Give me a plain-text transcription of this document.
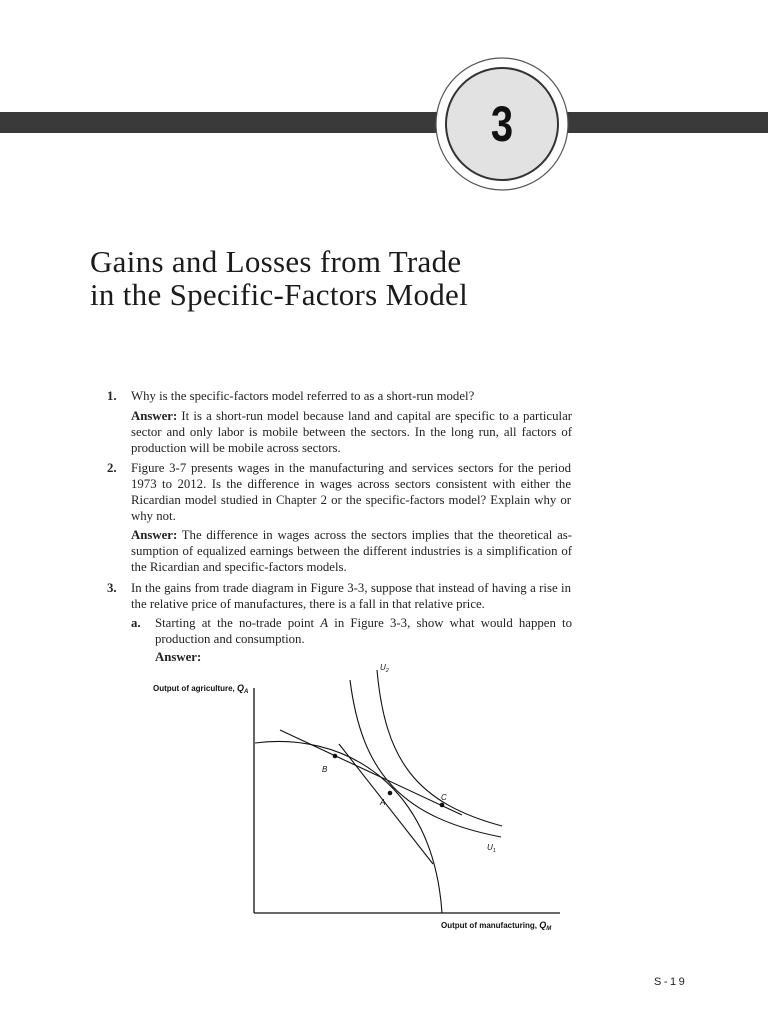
3
Gains and Losses from Trade
in the Specific-Factors Model
1. Why is the specific-factors model referred to as a short-run model?

Answer: It is a short-run model because land and capital are specific to a particular sector and only labor is mobile between the sectors. In the long run, all factors of production will be mobile across sectors.

2. Figure 3-7 presents wages in the manufacturing and services sectors for the period 1973 to 2012. Is the difference in wages across sectors consistent with either the Ricardian model studied in Chapter 2 or the specific-factors model? Explain why or why not.

Answer: The difference in wages across the sectors implies that the theoretical assumption of equalized earnings between the different industries is a simplification of the Ricardian and specific-factors models.

3. In the gains from trade diagram in Figure 3-3, suppose that instead of having a rise in the relative price of manufactures, there is a fall in that relative price.
a. Starting at the no-trade point A in Figure 3-3, show what would happen to production and consumption.

Answer:

B
A
C
$U_1$
$U_2$
Output of agriculture, $Q_A$
Output of manufacturing, $Q_M$
S-19
